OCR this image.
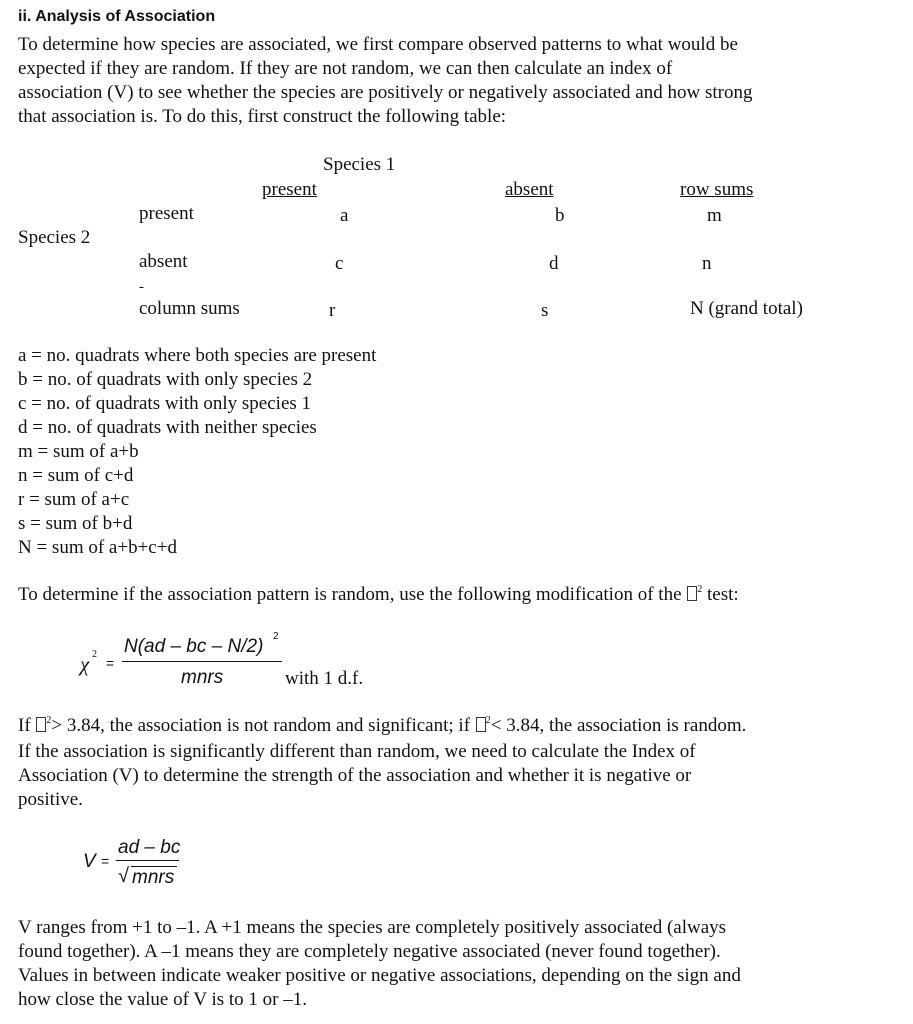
ii. Analysis of Association
To determine how species are associated, we first compare observed patterns to what would be
expected if they are random. If they are not random, we can then calculate an index of
association (V) to see whether the species are positively or negatively associated and how strong
that association is. To do this, first construct the following table:
Species 1
present	absent	row sums
Species 2
present	a	b	m
absent	c	d	n
-
column sums	r	s	N (grand total)
a = no. quadrats where both species are present
b = no. of quadrats with only species 2
c = no. of quadrats with only species 1
d = no. of quadrats with neither species
m = sum of a+b
n = sum of c+d
r = sum of a+c
s = sum of b+d
N = sum of a+b+c+d
To determine if the association pattern is random, use the following modification of the $^2$ test:
χ 2
=
N(ad – bc – N/2) 2
mnrs	with 1 d.f.
If $^2$> 3.84, the association is not random and significant; if $^2$< 3.84, the association is random.
If the association is significantly different than random, we need to calculate the Index of
Association (V) to determine the strength of the association and whether it is negative or
positive.
V =
ad – bc
√ mnrs
V ranges from +1 to –1. A +1 means the species are completely positively associated (always
found together). A –1 means they are completely negative associated (never found together).
Values in between indicate weaker positive or negative associations, depending on the sign and
how close the value of V is to 1 or –1.
